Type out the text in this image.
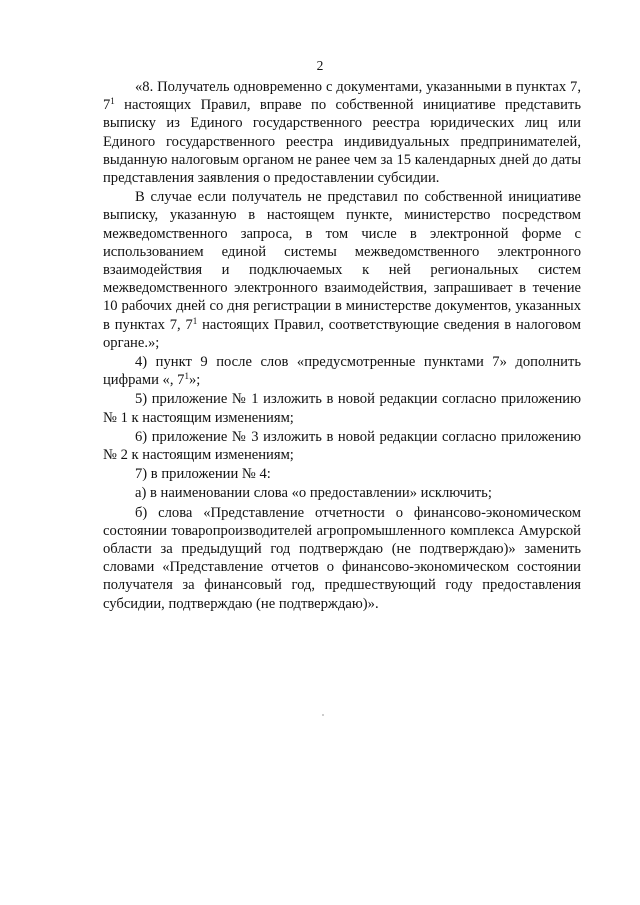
2

«8. Получатель одновременно с документами, указанными в пунктах 7, $7^1$ настоящих Правил, вправе по собственной инициативе представить выписку из Единого государственного реестра юридических лиц или Единого государственного реестра индивидуальных предпринимателей, выданную налоговым органом не ранее чем за 15 календарных дней до даты представления заявления о предоставлении субсидии.

В случае если получатель не представил по собственной инициативе выписку, указанную в настоящем пункте, министерство посредством межведомственного запроса, в том числе в электронной форме с использованием единой системы межведомственного электронного взаимодействия и подключаемых к ней региональных систем межведомственного электронного взаимодействия, запрашивает в течение 10 рабочих дней со дня регистрации в министерстве документов, указанных в пунктах 7, $7^1$ настоящих Правил, соответствующие сведения в налоговом органе.»;

4) пункт 9 после слов «предусмотренные пунктами 7» дополнить цифрами «, $7^1$»;

5) приложение № 1 изложить в новой редакции согласно приложению № 1 к настоящим изменениям;

6) приложение № 3 изложить в новой редакции согласно приложению № 2 к настоящим изменениям;

7) в приложении № 4:

а) в наименовании слова «о предоставлении» исключить;

б) слова «Представление отчетности о финансово-экономическом состоянии товаропроизводителей агропромышленного комплекса Амурской области за предыдущий год подтверждаю (не подтверждаю)» заменить словами «Представление отчетов о финансово-экономическом состоянии получателя за финансовый год, предшествующий году предоставления субсидии, подтверждаю (не подтверждаю)».
